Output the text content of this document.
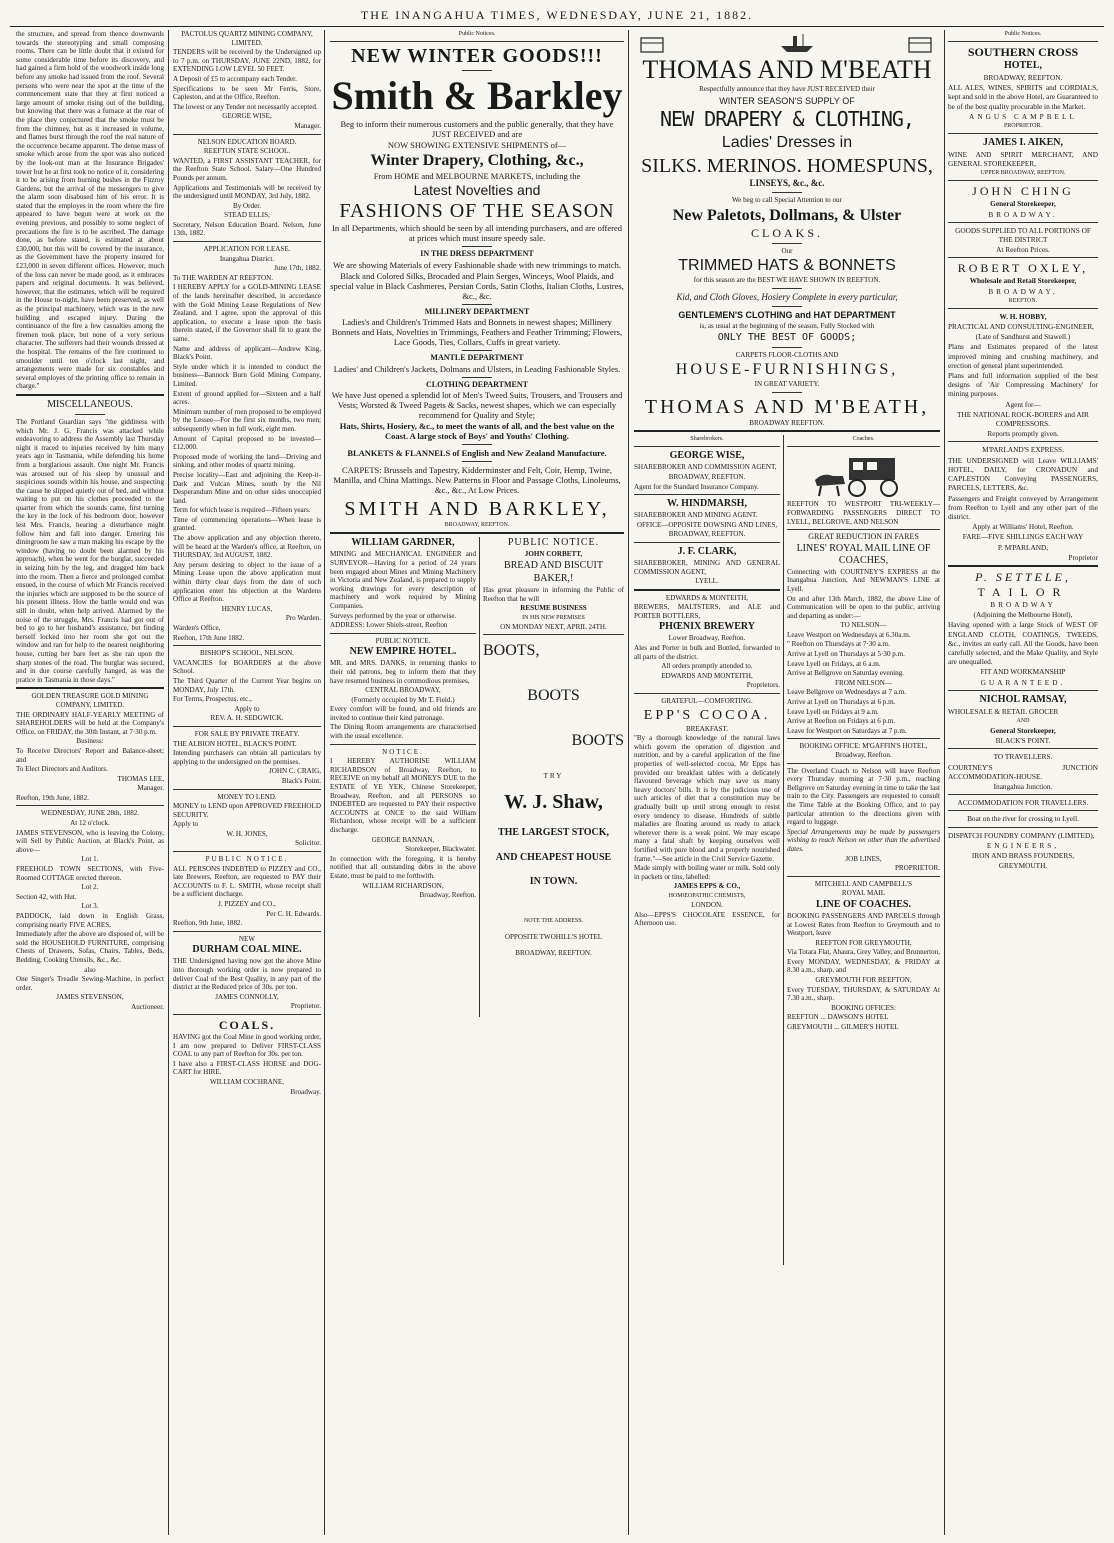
THE INANGAHUA TIMES, WEDNESDAY, JUNE 21, 1882.

the structure, and spread from thence downwards towards the stereotyping and small composing rooms. There can be little doubt that it existed for some considerable time before its discovery, and had gained a firm hold of the woodwork inside long before any smoke had issued from the roof. Several persons who were near the spot at the time of the commencement state that they at first noticed a large amount of smoke rising out of the building, but knowing that there was a furnace at the rear of the place they conjectured that the smoke must be from the chimney, but as it increased in volume, and flames burst through the roof the real nature of the occurrence became apparent. The dense mass of smoke which arose from the spot was also noticed by the look-out man at the Insurance Brigades' tower but he at first took no notice of it, considering it to be arising from burning bushes in the Fitzroy Gardens, but the arrival of the messengers to give the alarm soon disabused him of his error. It is stated that the employes in the room where the fire appeared to have begun were at work on the evening previous, and possibly to some neglect of precautions the fire is to be ascribed. The damage done, as before stated, is estimated at about £30,000, but this will be covered by the insurance, as the Government have the property insured for £23,000 in seven different offices. However, much of the loss can never be made good, as it embraces papers and original documents. It was believed, however, that the estimates, which will be required in the House to-night, have been preserved, as well as the principal machinery, which was in the new building and escaped injury. During the continuance of the fire a few casualties among the firemen took place, but none of a very serious character. The sufferers had their wounds dressed at the hospital. The remains of the fire continued to smoulder until ten o'clock last night, and arrangements were made for six constables and several employes of the printing office to remain in charge."

MISCELLANEOUS.

The Portland Guardian says "the giddiness with which Mr. J. G. Francis was attacked while endeavoring to address the Assembly last Thursday night it traced to injuries received by him many years ago in Tasmania, while defending his home from a burglarious assault. One night Mr. Francis was aroused out of his sleep by unusual and suspicious sounds within his house, and suspecting the cause he slipped quietly out of bed, and without waiting to put on his clothes proceeded to the quarter from which the sounds came, first turning the key in the lock of his bedroom door, however lest Mrs. Francis, hearing a disturbance might follow him and fall into danger. Entering his diningroom he saw a man making his escape by the window (having no doubt been alarmed by his approach), when he went for the burglar, succeeded in seizing him by the leg, and dragged him back into the room. Then a fierce and prolonged combat ensued, in the course of which Mr Francis received the injuries which are supposed to be the source of his present illness. How the battle would end was still in doubt, when help arrived. Alarmed by the noise of the struggle, Mrs. Francis had got out of bed to go to her husband's assistance, but finding herself locked into her room she got out the window and ran for help to the nearest neighboring house, cutting her bare feet as she ran upon the sharp stones of the road. The burglar was secured, and in due course carefully hanged, as was the pratice in Tasmania in those days."

GOLDEN TREASURE GOLD MINING COMPANY, LIMITED.

THE ORDINARY HALF-YEARLY MEETING of SHAREHOLDERS will be held at the Company's Office, on FRIDAY, the 30th Instant, at 7·30 p.m.

Business:

To Receive Directors' Report and Balance-sheet; and

To Elect Directors and Auditors.

THOMAS LEE,

Manager.

Reefton, 19th June, 1882.

WEDNESDAY, JUNE 28th, 1882.

At 12 o'clock.

JAMES STEVENSON, who is leaving the Colony, will Sell by Public Auction, at Black's Point, as above—

Lot 1.

FREEHOLD TOWN SECTIONS, with Five-Roomed COTTAGE erected thereon.

Lot 2.

Section 42, with Hut.

Lot 3.

PADDOCK, laid down in English Grass, comprising nearly FIVE ACRES.

Immediately after the above are disposed of, will be sold the HOUSEHOLD FURNITURE, comprising Chests of Drawers, Sofas, Chairs, Tables, Beds, Bedding, Cooking Utensils, &c., &c.

also

One Singer's Treadle Sewing-Machine, in perfect order.

JAMES STEVENSON,

Auctioneer.

PACTOLUS QUARTZ MINING COMPANY, LIMITED.

TENDERS will be received by the Undersigned up to 7 p.m. on THURSDAY, JUNE 22ND, 1882, for EXTENDING LOW LEVEL 50 FEET.

A Deposit of £5 to accompany each Tender.

Specifications to be seen Mr Ferris, Store, Capleston, and at the Office, Reefton.

The lowest or any Tender not necessarily accepted.

GEORGE WISE,

Manager.

NELSON EDUCATION BOARD.

REEFTON STATE SCHOOL.

WANTED, a FIRST ASSISTANT TEACHER, for the Reefton State School. Salary—One Hundred Pounds per annum.

Applications and Testimonials will be received by the undersigned until MONDAY, 3rd July, 1882.

By Order.

STEAD ELLIS,

Secretary, Nelson Education Board. Nelson, June 13th, 1882.

APPLICATION FOR LEASE.

Inangahua District.

June 17th, 1882.

To THE WARDEN AT REEFTON.

I HEREBY APPLY for a GOLD-MINING LEASE of the lands hereinafter described, in accordance with the Gold Mining Lease Regulations of New Zealand, and I agree, upon the approval of this application, to execute a lease upon the basis therein stated, if the Governor shall fit to grant the same.

Name and address of applicant—Andrew King, Black's Point.

Style under which it is intended to conduct the business—Bannock Burn Gold Mining Company, Limited.

Extent of ground applied for—Sixteen and a half acres.

Minimum number of men proposed to be employed by the Lessee—For the first six months, two men; subsequently when in full work, eight men.

Amount of Capital proposed to be invested—£12,000.

Proposed mode of working the land—Driving and sinking, and other modes of quartz mining.

Precise locality—East and adjoining the Keep-it-Dark and Vulcan Mines, south by the Nil Desperandum Mine and on other sides unoccupied land.

Term for which lease is required—Fifteen years.

Time of commencing operations—When lease is granted.

The above application and any objection thereto, will be heard at the Warden's office, at Reefton, on THURSDAY, 3rd AUGUST, 1882.

Any person desiring to object to the issue of a Mining Lease upon the above application must within thirty clear days from the date of such application enter his objection at the Wardens Office at Reefton.

HENRY LUCAS,

Pro Warden.

Warden's Office,

Reefton, 17th June 1882.

BISHOP'S SCHOOL, NELSON.

VACANCIES for BOARDERS at the above School.

The Third Quarter of the Current Year begins on MONDAY, July 17th.

For Terms, Prospectus, etc.,

Apply to

REV. A. H. SEDGWICK.

FOR SALE BY PRIVATE TREATY.

THE ALBION HOTEL, BLACK'S POINT.

Intending purchasers can obtain all particulars by applying to the undersigned on the premises.

JOHN C. CRAIG,

Black's Point.

MONEY TO LEND.

MONEY to LEND upon APPROVED FREEHOLD SECURITY.

Apply to

W. H. JONES,

Solicitor.

PUBLIC NOTICE.

ALL PERSONS INDEBTED to PIZZEY and CO., late Brewers, Reefton, are requested to PAY their ACCOUNTS to F. L. SMITH, whose receipt shall be a sufficient discharge.

J. PIZZEY and CO.,

Per C. H. Edwards.

Reefton, 9th June, 1882.

NEW

DURHAM COAL MINE.

THE Undersigned having now got the above Mine into thorough working order is now prepared to deliver Coal of the Best Quality, in any part of the district at the Reduced price of 30s. per ton.

JAMES CONNOLLY,

Proprietor.

COALS.

HAVING got the Coal Mine in good working order, I am now prepared to Deliver FIRST-CLASS COAL to any part of Reefton for 30s. per ton.

I have also a FIRST-CLASS HORSE and DOG-CART for HIRE.

WILLIAM COCHRANE,

Broadway.

Public Notices.

NEW WINTER GOODS!!!

Smith & Barkley

Beg to inform their numerous customers and the public generally, that they have JUST RECEIVED and are

NOW SHOWING EXTENSIVE SHIPMENTS of—

Winter Drapery, Clothing, &c.,

From HOME and MELBOURNE MARKETS, including the

Latest Novelties and

FASHIONS OF THE SEASON

In all Departments, which should be seen by all intending purchasers, and are offered at prices which must insure speedy sale.

IN THE DRESS DEPARTMENT

We are showing Materials of every Fashionable shade with new trimmings to match.

Black and Colored Silks, Brocaded and Plain Serges, Winceys, Wool Plaids, and special value in Black Cashmeres, Persian Cords, Satin Cloths, Italian Cloths, Lustres, &c., &c.

MILLINERY DEPARTMENT

Ladies's and Children's Trimmed Hats and Bonnets in newest shapes; Millinery Bonnets and Hats, Novelties in Trimmings, Feathers and Feather Trimming; Flowers, Lace Goods, Ties, Collars, Cuffs in great variety.

MANTLE DEPARTMENT

Ladies' and Children's Jackets, Dolmans and Ulsters, in Leading Fashionable Styles.

CLOTHING DEPARTMENT

We have Just opened a splendid lot of Men's Tweed Suits, Trousers, and Trousers and Vests; Worsted & Tweed Pagets & Sacks, newest shapes, which we can especially recommend for Quality and Style;

Hats, Shirts, Hosiery, &c., to meet the wants of all, and the best value on the Coast. A large stock of Boys' and Youths' Clothing.

BLANKETS & FLANNELS of English and New Zealand Manufacture.

CARPETS: Brussels and Tapestry, Kidderminster and Felt, Coir, Hemp, Twine, Manilla, and China Mattings. New Patterns in Floor and Passage Cloths, Linoleums, &c., &c., At Low Prices.

SMITH AND BARKLEY,

BROADWAY, REEFTON.

WILLIAM GARDNER,

MINING and MECHANICAL ENGINEER and SURVEYOR—Having for a period of 24 years been engaged about Mines and Mining Machinery in Victoria and New Zealand, is prepared to supply working drawings for every description of machinery and work required by Mining Companies.

Surveys performed by the year or otherwise.

ADDRESS: Lower Shiels-street, Reefton

PUBLIC NOTICE.

NEW EMPIRE HOTEL.

MR. and MRS. DANKS, in returning thanks to their old patrons, beg to inform them that they have resumed business in commodious premises,

CENTRAL BROADWAY,

(Formerly occupied by Mr T. Field.)

Every comfort will be found, and old friends are invited to continue their kind patronage.

The Dining Room arrangements are characterised with the usual excellence.

NOTICE.

I HEREBY AUTHORISE WILLIAM RICHARDSON of Broadway, Reefton, to RECEIVE on my behalf all MONEYS DUE to the ESTATE of YE YEK, Chinese Storekeeper, Broadway, Reefton, and all PERSONS so INDEBTED are requested to PAY their respective ACCOUNTS at ONCE to the said William Richardson, whose receipt will be a sufficient discharge.

GEORGE BANNAN,

Storekeeper, Blackwater.

In connection with the foregoing, it is hereby notified that all outstanding debts in the above Estate, must be paid to me forthwith.

WILLIAM RICHARDSON,

Broadway, Reefton.

PUBLIC NOTICE.

JOHN CORBETT,

BREAD AND BISCUIT

BAKER,!

Has great pleasure in informing the Public of Reefton that he will

RESUME BUSINESS

IN HIS NEW PREMISES

ON MONDAY NEXT, APRIL 24TH.

BOOTS,

BOOTS

BOOTS

TRY

W. J. Shaw,

THE LARGEST STOCK,

AND CHEAPEST HOUSE

IN TOWN.

NOTE THE ADDRESS.

OPPOSITE TWOHILL'S HOTEL

BROADWAY, REEFTON.

THOMAS AND M'BEATH

Respectfully announce that they have JUST RECEIVED their

WINTER SEASON'S SUPPLY OF

NEW DRAPERY & CLOTHING,

Ladies' Dresses in

SILKS. MERINOS. HOMESPUNS,

LINSEYS, &c., &c.

We beg to call Special Attention to our

New Paletots, Dollmans, & Ulster

CLOAKS.

Our

TRIMMED HATS & BONNETS

for this season are the BEST WE HAVE SHOWN IN REEFTON.

Kid, and Cloth Gloves, Hosiery Complete in every particular,

GENTLEMEN'S CLOTHING and HAT DEPARTMENT

is, as usual at the beginning of the season, Fully Stocked with

ONLY THE BEST OF GOODS;

CARPETS FLOOR-CLOTHS AND

HOUSE-FURNISHINGS,

IN GREAT VARIETY.

THOMAS AND M'BEATH,

BROADWAY REEFTON.

Sharebrokers.

GEORGE WISE,

SHAREBROKER AND COMMISSION AGENT,

BROADWAY, REEFTON.

Agent for the Standard Insurance Company.

W. HINDMARSH,

SHAREBROKER AND MINING AGENT.

OFFICE—OPPOSITE DOWSING AND LINES,

BROADWAY, REEFTON.

J. F. CLARK,

SHAREBROKER, MINING AND GENERAL COMMISSION AGENT,

LYELL.

EDWARDS & MONTEITH,

BREWERS, MALTSTERS, and ALE and PORTER BOTTLERS,

PHŒNIX BREWERY

Lower Broadway, Reefton.

Ales and Porter in bulk and Bottled, forwarded to all parts of the district.

All orders promptly attended to.

EDWARDS AND MONTEITH,

Proprietors.

GRATEFUL—COMFORTING.

EPP'S COCOA.

BREAKFAST.

"By a thorough knowledge of the natural laws which govern the operation of digestion and nutrition, and by a careful application of the fine properties of well-selected cocoa, Mr Epps has provided our breakfast tables with a delicately flavoured beverage which may save us many heavy doctors' bills. It is by the judicious use of such articles of diet that a constitution may be gradually built up until strong enough to resist every tendency to disease. Hundreds of subtle maladies are floating around us ready to attack wherever there is a weak point. We may escape many a fatal shaft by keeping ourselves well fortified with pure blood and a properly nourished frame."—See article in the Civil Service Gazette.

Made simply with boiling water or milk. Sold only in packets or tins, labelled:

JAMES EPPS & CO.,

HOMŒOPATHIC CHEMISTS,

LONDON.

Also—EPPS'S CHOCOLATE ESSENCE, for Afternoon use.

Coaches.

REEFTON TO WESTPORT TRI-WEEKLY—FORWARDING PASSENGERS DIRECT TO LYELL, BELGROVE, AND NELSON

GREAT REDUCTION IN FARES

LINES' ROYAL MAIL LINE OF COACHES,

Connecting with COURTNEY'S EXPRESS at the Inangahua Junction, And NEWMAN'S LINE at Lyell.

On and after 13th March, 1882, the above Line of Communication will be open to the public, arriving and departing as under:—

TO NELSON—

Leave Westport on Wednesdays at 6.30a.m.

" Reefton on Thursdays at 7·30 a.m.

Arrive at Lyell on Thursdays at 5·30 p.m.

Leave Lyell on Fridays, at 6 a.m.

Arrive at Bellgrove on Saturday evening.

FROM NELSON—

Leave Bellgrove on Wednesdays at 7 a.m.

Arrive at Lyell on Thursdays at 6 p.m.

Leave Lyell on Fridays at 9 a.m.

Arrive at Reefton on Fridays at 6 p.m.

Leave for Westport on Saturdays at 7 p.m.

BOOKING OFFICE: M'GAFFIN'S HOTEL, Broadway, Reefton.

The Overland Coach to Nelson will leave Reefton every Thursday morning at 7·30 p.m., reaching Bellgrove on Saturday evening in time to take the last train to the City. Passengers are requested to consult the Time Table at the Booking Office, and to pay particular attention to the directions given with regard to luggage.

Special Arrangements may be made by passengers wishing to reach Nelson on other than the advertised dates.

JOB LINES,

PROPRIETOR.

MITCHELL AND CAMPBELL'S

ROYAL MAIL

LINE OF COACHES.

BOOKING PASSENGERS AND PARCELS through at Lowest Rates from Reefton to Greymouth and to Westport, leave

REEFTON FOR GREYMOUTH,

Via Totara Flat, Ahaura, Grey Valley, and Brunnerton,

Every MONDAY, WEDNESDAY, & FRIDAY at 8.30 a.m., sharp, and

GREYMOUTH FOR REEFTON,

Every TUESDAY, THURSDAY, & SATURDAY At 7.30 a.m., sharp.

BOOKING OFFICES:

REEFTON ... DAWSON'S HOTEL

GREYMOUTH ... GILMER'S HOTEL

Public Notices.

SOUTHERN CROSS

HOTEL,

BROADWAY, REEFTON.

ALL ALES, WINES, SPIRITS and CORDIALS, kept and sold in the above Hotel, are Guaranteed to be of the best quality procurable in the Market.

ANGUS CAMPBELL

PROPRIETOR.

JAMES I. AIKEN,

WINE AND SPIRIT MERCHANT, AND GENERAL STOREKEEPER,

UPPER BROADWAY, REEFTON.

JOHN CHING

General Storekeeper,

BROADWAY.

GOODS SUPPLIED TO ALL PORTIONS OF THE DISTRICT

At Reefton Prices.

ROBERT OXLEY,

Wholesale and Retail Storekeeper,

BROADWAY,

REEFTON.

W. H. HOBBY,

PRACTICAL AND CONSULTING-ENGINEER,

(Late of Sandhurst and Stawell.)

Plans and Estimates prepared of the latest improved mining and crushing machinery, and erection of general plant superintended.

Plans and full information supplied of the best designs of 'Air Compressing Machinery' for mining purposes.

Agent for—

THE NATIONAL ROCK-BORERS and AIR COMPRESSORS.

Reports promptly given.

M'PARLAND'S EXPRESS.

THE UNDERSIGNED will Leave WILLIAMS' HOTEL, DAILY, for CRONADUN and CAPLESTON Conveying PASSENGERS, PARCELS, LETTERS, &c.

Passengers and Freight conveyed by Arrangement from Reefton to Lyell and any other part of the district.

Apply at Williams' Hotel, Reefton.

FARE—FIVE SHILLINGS EACH WAY

P. M'PARLAND,

Proprietor

P. SETTELE,

TAILOR

BROADWAY

(Adjoining the Melbourne Hotel),

Having opened with a large Stock of WEST OF ENGLAND CLOTH, COATINGS, TWEEDS, &c., invites an early call. All the Goods, have been carefully selected, and the Make Quality, and Style are unequalled.

FIT AND WORKMANSHIP

GUARANTEED.

NICHOL RAMSAY,

WHOLESALE & RETAIL GROCER

AND

General Storekeeper,

BLACK'S POINT.

TO TRAVELLERS.

COURTNEY'S JUNCTION ACCOMMODATION-HOUSE.

Inangahua Junction.

ACCOMMODATION FOR TRAVELLERS.

Boat on the river for crossing to Lyell.

DISPATCH FOUNDRY COMPANY (LIMITED),

ENGINEERS,

IRON AND BRASS FOUNDERS,

GREYMOUTH.
